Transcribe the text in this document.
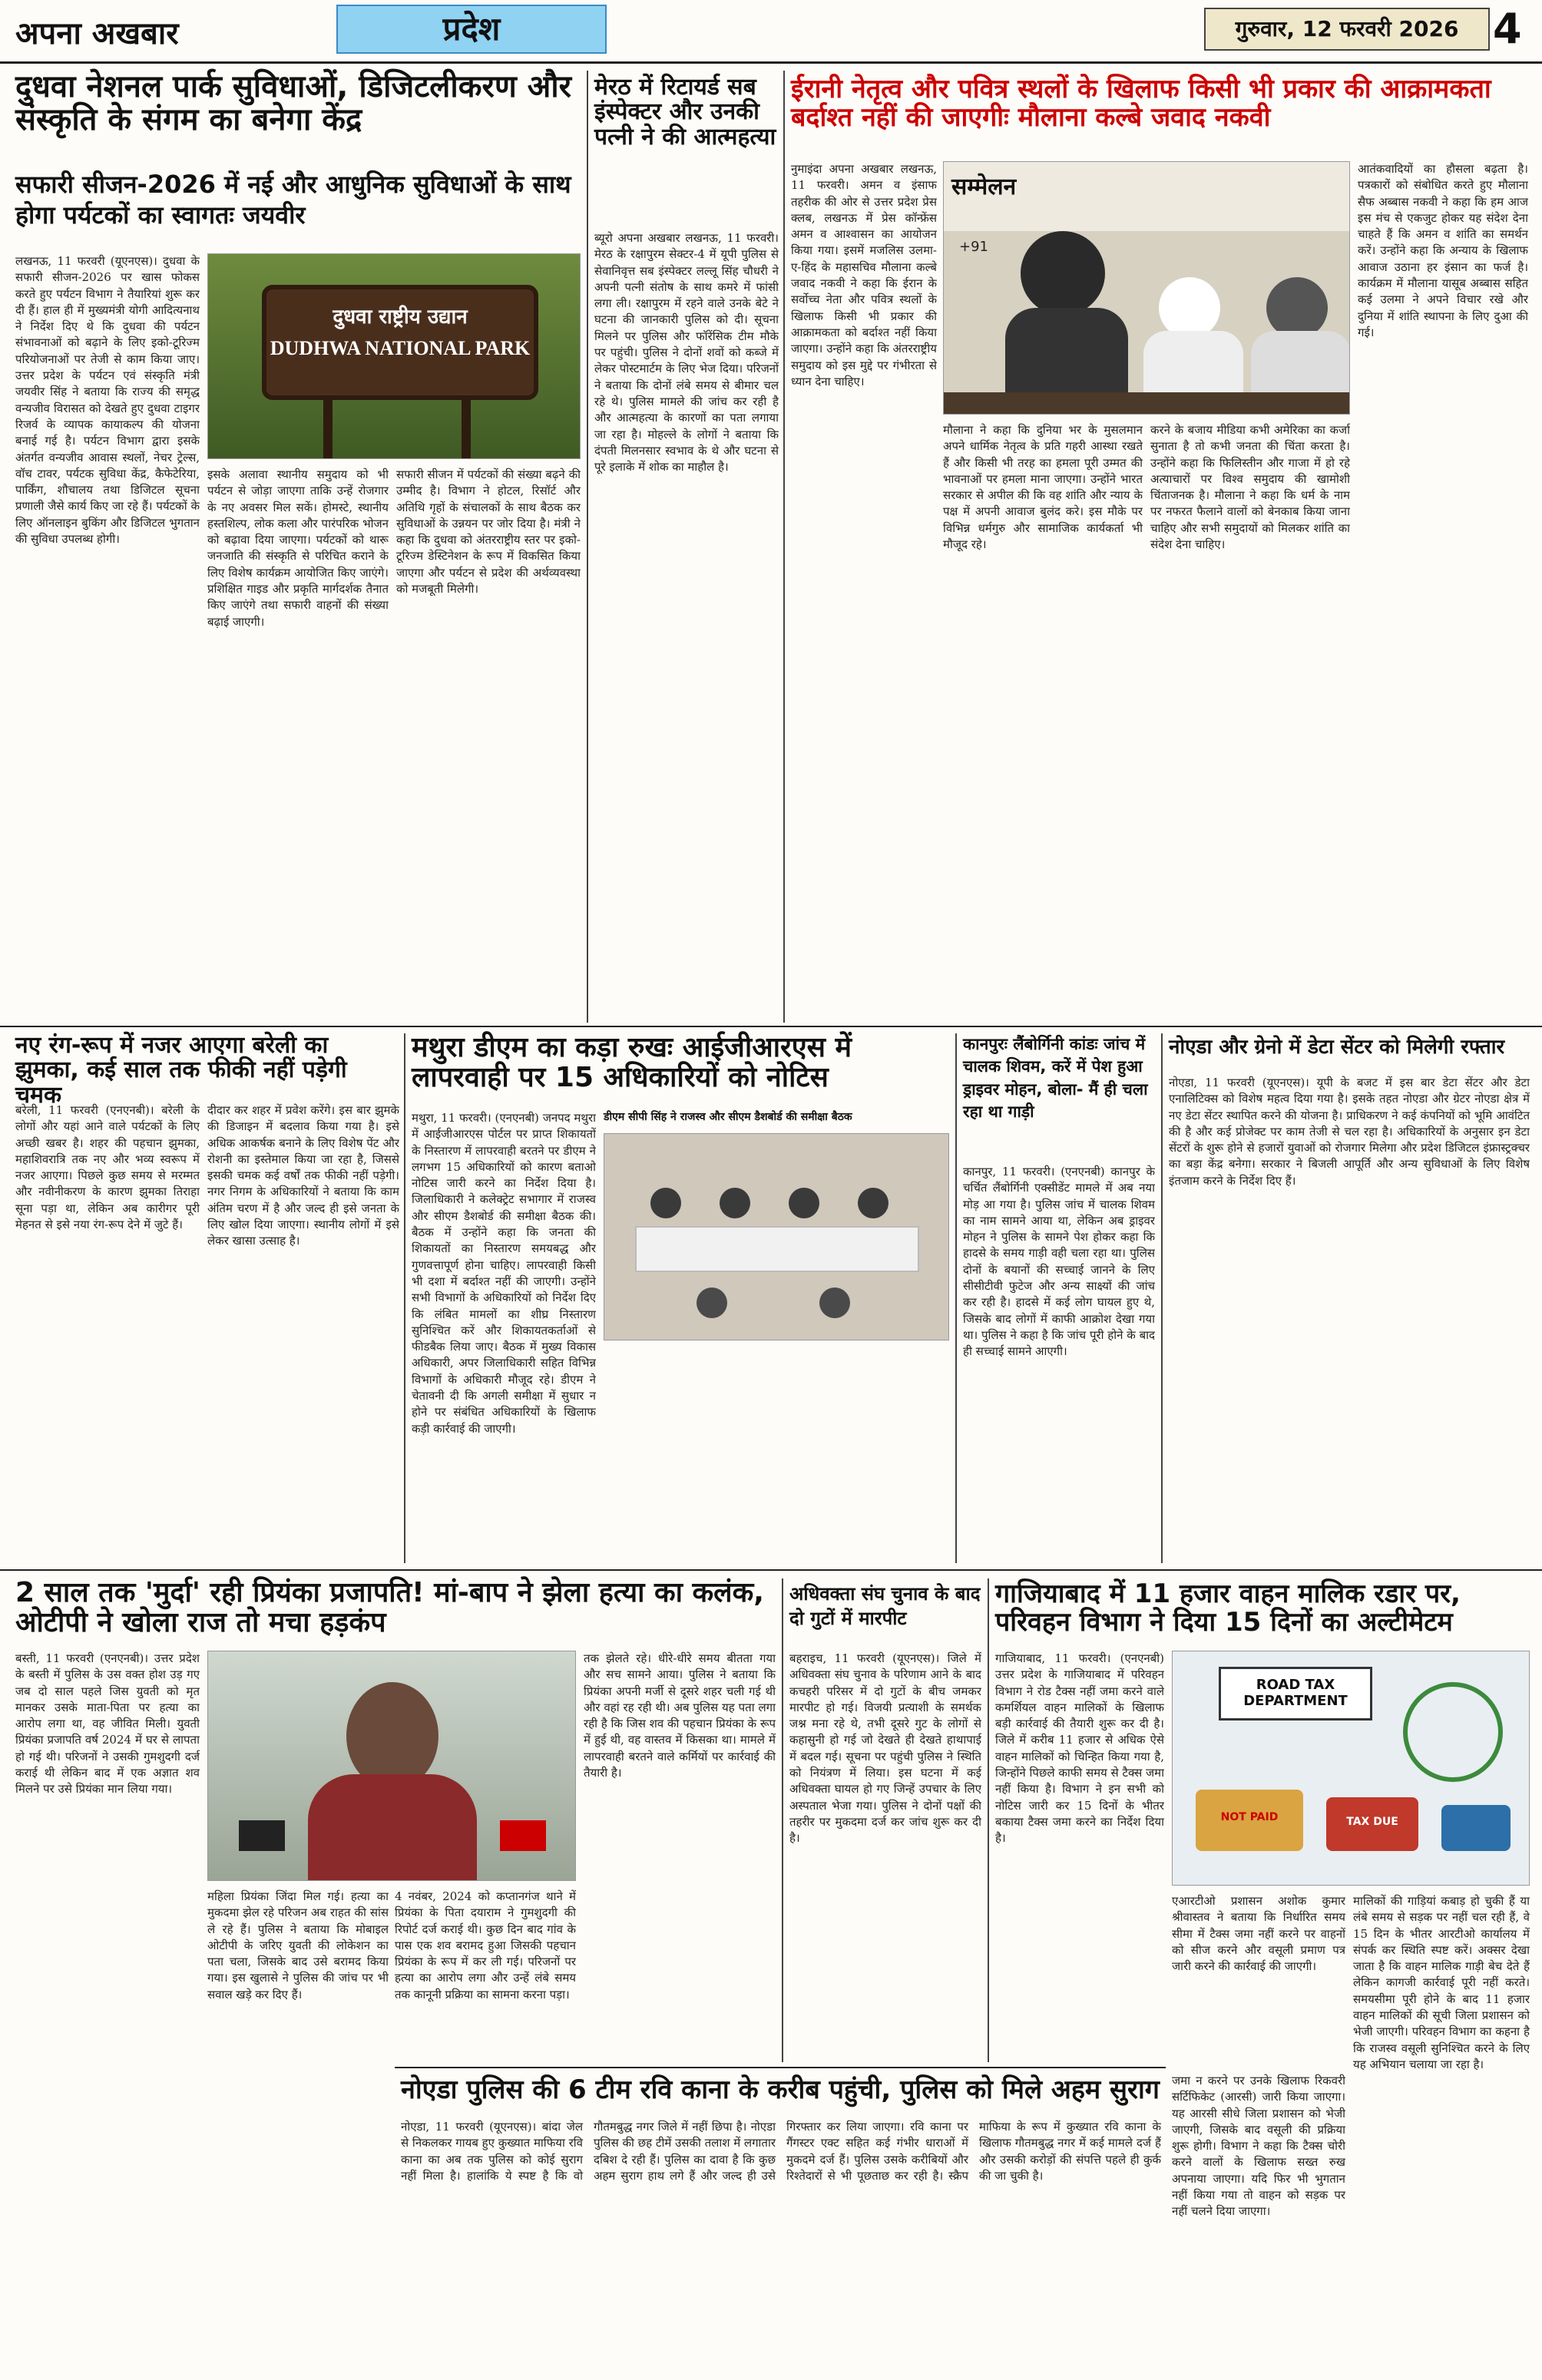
अपना अखबार	प्रदेश	गुरुवार, 12 फरवरी 2026 4
दुधवा नेशनल पार्क सुविधाओं, डिजिटलीकरण और संस्कृति के संगम का बनेगा केंद्र
सफारी सीजन-2026 में नई और आधुनिक सुविधाओं के साथ होगा पर्यटकों का स्वागतः जयवीर
लखनऊ, 11 फरवरी (यूएनएस)। दुधवा के सफारी सीजन-2026 पर खास फोकस करते हुए पर्यटन विभाग ने तैयारियां शुरू कर दी हैं। हाल ही में मुख्यमंत्री योगी आदित्यनाथ ने निर्देश दिए थे कि दुधवा की पर्यटन संभावनाओं को बढ़ाने के लिए इको-टूरिज्म परियोजनाओं पर तेजी से काम किया जाए। उत्तर प्रदेश के पर्यटन एवं संस्कृति मंत्री जयवीर सिंह ने बताया कि राज्य की समृद्ध वन्यजीव विरासत को देखते हुए दुधवा टाइगर रिजर्व के व्यापक कायाकल्प की योजना बनाई गई है। पर्यटन विभाग द्वारा इसके अंतर्गत वन्यजीव आवास स्थलों, नेचर ट्रेल्स, वॉच टावर, पर्यटक सुविधा केंद्र, कैफेटेरिया, पार्किंग, शौचालय तथा डिजिटल सूचना प्रणाली जैसे कार्य किए जा रहे हैं। पर्यटकों के लिए ऑनलाइन बुकिंग और डिजिटल भुगतान की सुविधा उपलब्ध होगी।
दुधवा राष्ट्रीय उद्यान
DUDHWA NATIONAL PARK
इसके अलावा स्थानीय समुदाय को भी पर्यटन से जोड़ा जाएगा ताकि उन्हें रोजगार के नए अवसर मिल सकें। होमस्टे, स्थानीय हस्तशिल्प, लोक कला और पारंपरिक भोजन को बढ़ावा दिया जाएगा। पर्यटकों को थारू जनजाति की संस्कृति से परिचित कराने के लिए विशेष कार्यक्रम आयोजित किए जाएंगे। प्रशिक्षित गाइड और प्रकृति मार्गदर्शक तैनात किए जाएंगे तथा सफारी वाहनों की संख्या बढ़ाई जाएगी।
सफारी सीजन में पर्यटकों की संख्या बढ़ने की उम्मीद है। विभाग ने होटल, रिसॉर्ट और अतिथि गृहों के संचालकों के साथ बैठक कर सुविधाओं के उन्नयन पर जोर दिया है। मंत्री ने कहा कि दुधवा को अंतरराष्ट्रीय स्तर पर इको-टूरिज्म डेस्टिनेशन के रूप में विकसित किया जाएगा और पर्यटन से प्रदेश की अर्थव्यवस्था को मजबूती मिलेगी।
मेरठ में रिटायर्ड सब इंस्पेक्टर और उनकी पत्नी ने की आत्महत्या
ब्यूरो अपना अखबार लखनऊ, 11 फरवरी। मेरठ के रक्षापुरम सेक्टर-4 में यूपी पुलिस से सेवानिवृत्त सब इंस्पेक्टर लल्लू सिंह चौधरी ने अपनी पत्नी संतोष के साथ कमरे में फांसी लगा ली। रक्षापुरम में रहने वाले उनके बेटे ने घटना की जानकारी पुलिस को दी। सूचना मिलने पर पुलिस और फॉरेंसिक टीम मौके पर पहुंची। पुलिस ने दोनों शवों को कब्जे में लेकर पोस्टमार्टम के लिए भेज दिया। परिजनों ने बताया कि दोनों लंबे समय से बीमार चल रहे थे। पुलिस मामले की जांच कर रही है और आत्महत्या के कारणों का पता लगाया जा रहा है। मोहल्ले के लोगों ने बताया कि दंपती मिलनसार स्वभाव के थे और घटना से पूरे इलाके में शोक का माहौल है।
ईरानी नेतृत्व और पवित्र स्थलों के खिलाफ किसी भी प्रकार की आक्रामकता बर्दाश्त नहीं की जाएगीः मौलाना कल्बे जवाद नकवी
नुमाइंदा अपना अखबार लखनऊ, 11 फरवरी। अमन व इंसाफ तहरीक की ओर से उत्तर प्रदेश प्रेस क्लब, लखनऊ में प्रेस कॉन्फ्रेंस अमन व आश्वासन का आयोजन किया गया। इसमें मजलिस उलमा-ए-हिंद के महासचिव मौलाना कल्बे जवाद नकवी ने कहा कि ईरान के सर्वोच्च नेता और पवित्र स्थलों के खिलाफ किसी भी प्रकार की आक्रामकता को बर्दाश्त नहीं किया जाएगा। उन्होंने कहा कि अंतरराष्ट्रीय समुदाय को इस मुद्दे पर गंभीरता से ध्यान देना चाहिए।
सम्मेलन
+91
मौलाना ने कहा कि दुनिया भर के मुसलमान अपने धार्मिक नेतृत्व के प्रति गहरी आस्था रखते हैं और किसी भी तरह का हमला पूरी उम्मत की भावनाओं पर हमला माना जाएगा। उन्होंने भारत सरकार से अपील की कि वह शांति और न्याय के पक्ष में अपनी आवाज बुलंद करे। इस मौके पर विभिन्न धर्मगुरु और सामाजिक कार्यकर्ता भी मौजूद रहे।
करने के बजाय मीडिया कभी अमेरिका का कर्जा सुनाता है तो कभी जनता की चिंता करता है। उन्होंने कहा कि फिलिस्तीन और गाजा में हो रहे अत्याचारों पर विश्व समुदाय की खामोशी चिंताजनक है। मौलाना ने कहा कि धर्म के नाम पर नफरत फैलाने वालों को बेनकाब किया जाना चाहिए और सभी समुदायों को मिलकर शांति का संदेश देना चाहिए।
आतंकवादियों का हौसला बढ़ता है। पत्रकारों को संबोधित करते हुए मौलाना सैफ अब्बास नकवी ने कहा कि हम आज इस मंच से एकजुट होकर यह संदेश देना चाहते हैं कि अमन व शांति का समर्थन करें। उन्होंने कहा कि अन्याय के खिलाफ आवाज उठाना हर इंसान का फर्ज है। कार्यक्रम में मौलाना यासूब अब्बास सहित कई उलमा ने अपने विचार रखे और दुनिया में शांति स्थापना के लिए दुआ की गई।
नए रंग-रूप में नजर आएगा बरेली का झुमका, कई साल तक फीकी नहीं पड़ेगी चमक
बरेली, 11 फरवरी (एनएनबी)। बरेली के लोगों और यहां आने वाले पर्यटकों के लिए अच्छी खबर है। शहर की पहचान झुमका, महाशिवरात्रि तक नए और भव्य स्वरूप में नजर आएगा। पिछले कुछ समय से मरम्मत और नवीनीकरण के कारण झुमका तिराहा सूना पड़ा था, लेकिन अब कारीगर पूरी मेहनत से इसे नया रंग-रूप देने में जुटे हैं।
दीदार कर शहर में प्रवेश करेंगे। इस बार झुमके की डिजाइन में बदलाव किया गया है। इसे अधिक आकर्षक बनाने के लिए विशेष पेंट और रोशनी का इस्तेमाल किया जा रहा है, जिससे इसकी चमक कई वर्षों तक फीकी नहीं पड़ेगी। नगर निगम के अधिकारियों ने बताया कि काम अंतिम चरण में है और जल्द ही इसे जनता के लिए खोल दिया जाएगा। स्थानीय लोगों में इसे लेकर खासा उत्साह है।
मथुरा डीएम का कड़ा रुखः आईजीआरएस में लापरवाही पर 15 अधिकारियों को नोटिस
मथुरा, 11 फरवरी। (एनएनबी) जनपद मथुरा में आईजीआरएस पोर्टल पर प्राप्त शिकायतों के निस्तारण में लापरवाही बरतने पर डीएम ने लगभग 15 अधिकारियों को कारण बताओ नोटिस जारी करने का निर्देश दिया है। जिलाधिकारी ने कलेक्ट्रेट सभागार में राजस्व और सीएम डैशबोर्ड की समीक्षा बैठक की। बैठक में उन्होंने कहा कि जनता की शिकायतों का निस्तारण समयबद्ध और गुणवत्तापूर्ण होना चाहिए। लापरवाही किसी भी दशा में बर्दाश्त नहीं की जाएगी। उन्होंने सभी विभागों के अधिकारियों को निर्देश दिए कि लंबित मामलों का शीघ्र निस्तारण सुनिश्चित करें और शिकायतकर्ताओं से फीडबैक लिया जाए। बैठक में मुख्य विकास अधिकारी, अपर जिलाधिकारी सहित विभिन्न विभागों के अधिकारी मौजूद रहे। डीएम ने चेतावनी दी कि अगली समीक्षा में सुधार न होने पर संबंधित अधिकारियों के खिलाफ कड़ी कार्रवाई की जाएगी।
डीएम सीपी सिंह ने राजस्व और सीएम डैशबोर्ड की समीक्षा बैठक
कानपुरः लैंबोर्गिनी कांडः जांच में चालक शिवम, करें में पेश हुआ ड्राइवर मोहन, बोला- मैं ही चला रहा था गाड़ी
कानपुर, 11 फरवरी। (एनएनबी) कानपुर के चर्चित लैंबोर्गिनी एक्सीडेंट मामले में अब नया मोड़ आ गया है। पुलिस जांच में चालक शिवम का नाम सामने आया था, लेकिन अब ड्राइवर मोहन ने पुलिस के सामने पेश होकर कहा कि हादसे के समय गाड़ी वही चला रहा था। पुलिस दोनों के बयानों की सच्चाई जानने के लिए सीसीटीवी फुटेज और अन्य साक्ष्यों की जांच कर रही है। हादसे में कई लोग घायल हुए थे, जिसके बाद लोगों में काफी आक्रोश देखा गया था। पुलिस ने कहा है कि जांच पूरी होने के बाद ही सच्चाई सामने आएगी।
नोएडा और ग्रेनो में डेटा सेंटर को मिलेगी रफ्तार
नोएडा, 11 फरवरी (यूएनएस)। यूपी के बजट में इस बार डेटा सेंटर और डेटा एनालिटिक्स को विशेष महत्व दिया गया है। इसके तहत नोएडा और ग्रेटर नोएडा क्षेत्र में नए डेटा सेंटर स्थापित करने की योजना है। प्राधिकरण ने कई कंपनियों को भूमि आवंटित की है और कई प्रोजेक्ट पर काम तेजी से चल रहा है। अधिकारियों के अनुसार इन डेटा सेंटरों के शुरू होने से हजारों युवाओं को रोजगार मिलेगा और प्रदेश डिजिटल इंफ्रास्ट्रक्चर का बड़ा केंद्र बनेगा। सरकार ने बिजली आपूर्ति और अन्य सुविधाओं के लिए विशेष इंतजाम करने के निर्देश दिए हैं।
2 साल तक 'मुर्दा' रही प्रियंका प्रजापति! मां-बाप ने झेला हत्या का कलंक, ओटीपी ने खोला राज तो मचा हड़कंप
बस्ती, 11 फरवरी (एनएनबी)। उत्तर प्रदेश के बस्ती में पुलिस के उस वक्त होश उड़ गए जब दो साल पहले जिस युवती को मृत मानकर उसके माता-पिता पर हत्या का आरोप लगा था, वह जीवित मिली। युवती प्रियंका प्रजापति वर्ष 2024 में घर से लापता हो गई थी। परिजनों ने उसकी गुमशुदगी दर्ज कराई थी लेकिन बाद में एक अज्ञात शव मिलने पर उसे प्रियंका मान लिया गया।
महिला प्रियंका जिंदा मिल गई। हत्या का मुकदमा झेल रहे परिजन अब राहत की सांस ले रहे हैं। पुलिस ने बताया कि मोबाइल ओटीपी के जरिए युवती की लोकेशन का पता चला, जिसके बाद उसे बरामद किया गया। इस खुलासे ने पुलिस की जांच पर भी सवाल खड़े कर दिए हैं।
4 नवंबर, 2024 को कप्तानगंज थाने में प्रियंका के पिता दयाराम ने गुमशुदगी की रिपोर्ट दर्ज कराई थी। कुछ दिन बाद गांव के पास एक शव बरामद हुआ जिसकी पहचान प्रियंका के रूप में कर ली गई। परिजनों पर हत्या का आरोप लगा और उन्हें लंबे समय तक कानूनी प्रक्रिया का सामना करना पड़ा।
तक झेलते रहे। धीरे-धीरे समय बीतता गया और सच सामने आया। पुलिस ने बताया कि प्रियंका अपनी मर्जी से दूसरे शहर चली गई थी और वहां रह रही थी। अब पुलिस यह पता लगा रही है कि जिस शव की पहचान प्रियंका के रूप में हुई थी, वह वास्तव में किसका था। मामले में लापरवाही बरतने वाले कर्मियों पर कार्रवाई की तैयारी है।
अधिवक्ता संघ चुनाव के बाद दो गुटों में मारपीट
बहराइच, 11 फरवरी (यूएनएस)। जिले में अधिवक्ता संघ चुनाव के परिणाम आने के बाद कचहरी परिसर में दो गुटों के बीच जमकर मारपीट हो गई। विजयी प्रत्याशी के समर्थक जश्न मना रहे थे, तभी दूसरे गुट के लोगों से कहासुनी हो गई जो देखते ही देखते हाथापाई में बदल गई। सूचना पर पहुंची पुलिस ने स्थिति को नियंत्रण में लिया। इस घटना में कई अधिवक्ता घायल हो गए जिन्हें उपचार के लिए अस्पताल भेजा गया। पुलिस ने दोनों पक्षों की तहरीर पर मुकदमा दर्ज कर जांच शुरू कर दी है।
गाजियाबाद में 11 हजार वाहन मालिक रडार पर, परिवहन विभाग ने दिया 15 दिनों का अल्टीमेटम
गाजियाबाद, 11 फरवरी। (एनएनबी) उत्तर प्रदेश के गाजियाबाद में परिवहन विभाग ने रोड टैक्स नहीं जमा करने वाले कमर्शियल वाहन मालिकों के खिलाफ बड़ी कार्रवाई की तैयारी शुरू कर दी है। जिले में करीब 11 हजार से अधिक ऐसे वाहन मालिकों को चिन्हित किया गया है, जिन्होंने पिछले काफी समय से टैक्स जमा नहीं किया है। विभाग ने इन सभी को नोटिस जारी कर 15 दिनों के भीतर बकाया टैक्स जमा करने का निर्देश दिया है।
ROAD TAX DEPARTMENT
NOT PAID	TAX DUE
एआरटीओ प्रशासन अशोक कुमार श्रीवास्तव ने बताया कि निर्धारित समय सीमा में टैक्स जमा नहीं करने पर वाहनों को सीज करने और वसूली प्रमाण पत्र जारी करने की कार्रवाई की जाएगी।
जमा न करने पर उनके खिलाफ रिकवरी सर्टिफिकेट (आरसी) जारी किया जाएगा। यह आरसी सीधे जिला प्रशासन को भेजी जाएगी, जिसके बाद वसूली की प्रक्रिया शुरू होगी। विभाग ने कहा कि टैक्स चोरी करने वालों के खिलाफ सख्त रुख अपनाया जाएगा। यदि फिर भी भुगतान नहीं किया गया तो वाहन को सड़क पर नहीं चलने दिया जाएगा।
मालिकों की गाड़ियां कबाड़ हो चुकी हैं या लंबे समय से सड़क पर नहीं चल रही हैं, वे 15 दिन के भीतर आरटीओ कार्यालय में संपर्क कर स्थिति स्पष्ट करें। अक्सर देखा जाता है कि वाहन मालिक गाड़ी बेच देते हैं लेकिन कागजी कार्रवाई पूरी नहीं करते। समयसीमा पूरी होने के बाद 11 हजार वाहन मालिकों की सूची जिला प्रशासन को भेजी जाएगी। परिवहन विभाग का कहना है कि राजस्व वसूली सुनिश्चित करने के लिए यह अभियान चलाया जा रहा है।
नोएडा पुलिस की 6 टीम रवि काना के करीब पहुंची, पुलिस को मिले अहम सुराग
नोएडा, 11 फरवरी (यूएनएस)। बांदा जेल से निकलकर गायब हुए कुख्यात माफिया रवि काना का अब तक पुलिस को कोई सुराग नहीं मिला है। हालांकि ये स्पष्ट है कि वो गौतमबुद्ध नगर जिले में नहीं छिपा है। नोएडा पुलिस की छह टीमें उसकी तलाश में लगातार दबिश दे रही हैं। पुलिस का दावा है कि कुछ अहम सुराग हाथ लगे हैं और जल्द ही उसे गिरफ्तार कर लिया जाएगा। रवि काना पर गैंगस्टर एक्ट सहित कई गंभीर धाराओं में मुकदमे दर्ज हैं। पुलिस उसके करीबियों और रिश्तेदारों से भी पूछताछ कर रही है। स्क्रैप माफिया के रूप में कुख्यात रवि काना के खिलाफ गौतमबुद्ध नगर में कई मामले दर्ज हैं और उसकी करोड़ों की संपत्ति पहले ही कुर्क की जा चुकी है।
